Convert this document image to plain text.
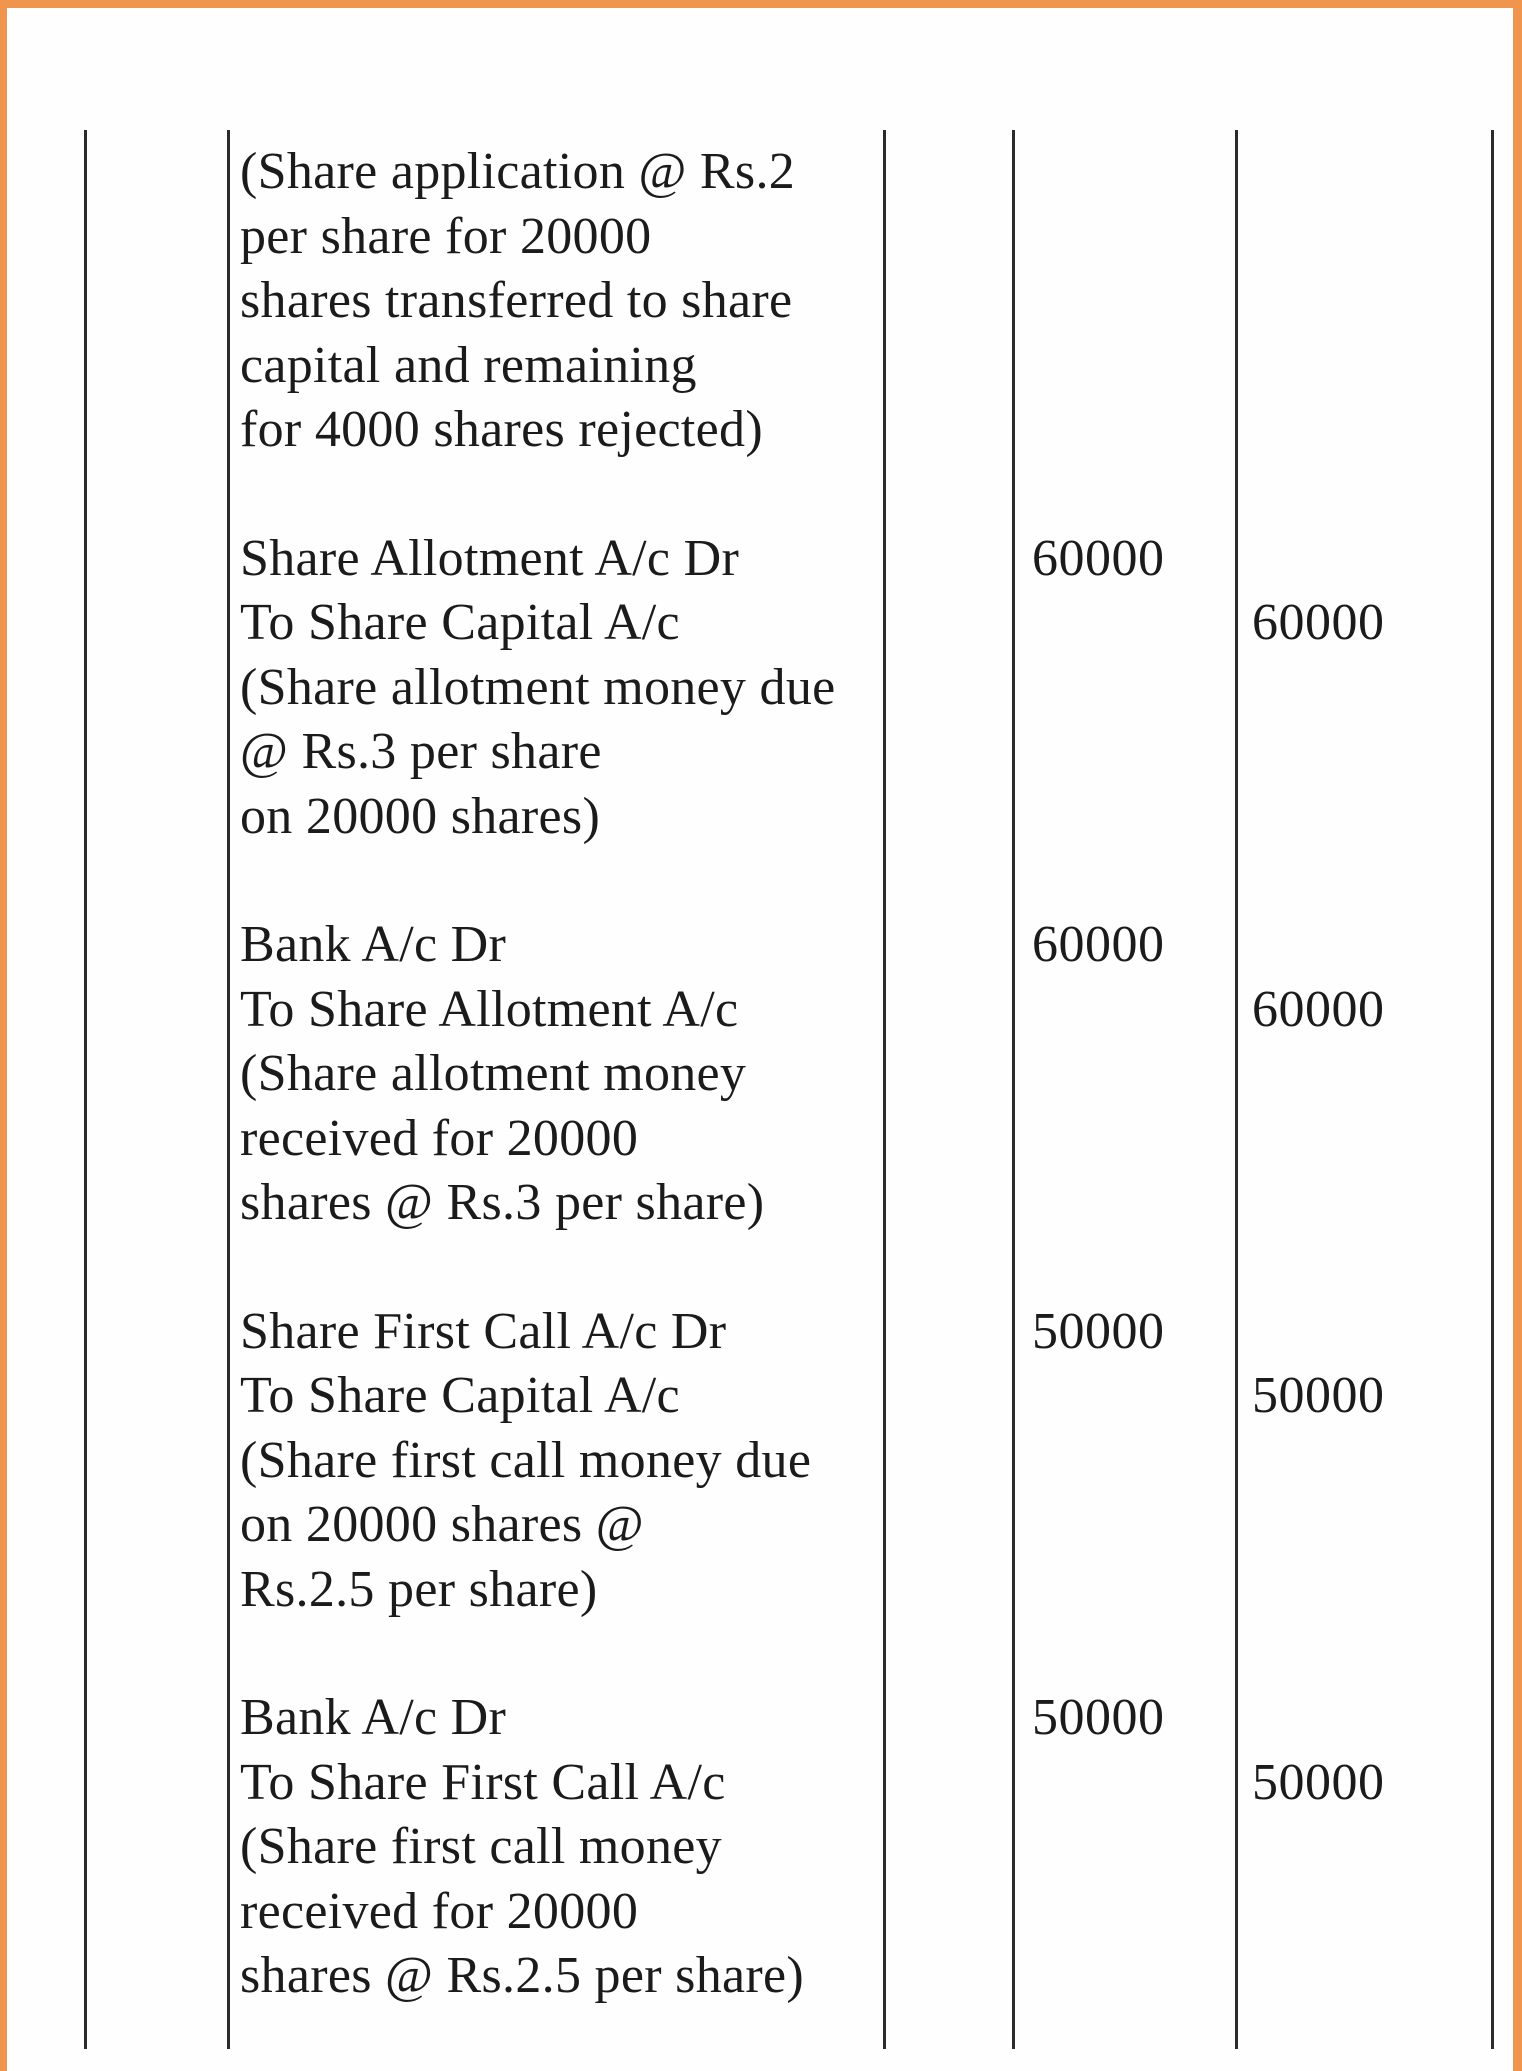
(Share application @ Rs.2

per share for 20000

shares transferred to share

capital and remaining

for 4000 shares rejected)

Share Allotment A/c Dr

To Share Capital A/c

(Share allotment money due

@ Rs.3 per share

on 20000 shares)

60000
60000

Bank A/c Dr

To Share Allotment A/c

(Share allotment money

received for 20000

shares @ Rs.3 per share)

60000
60000

Share First Call A/c Dr

To Share Capital A/c

(Share first call money due

on 20000 shares @

Rs.2.5 per share)

50000
50000

Bank A/c Dr

To Share First Call A/c

(Share first call money

received for 20000

shares @ Rs.2.5 per share)

50000
50000
